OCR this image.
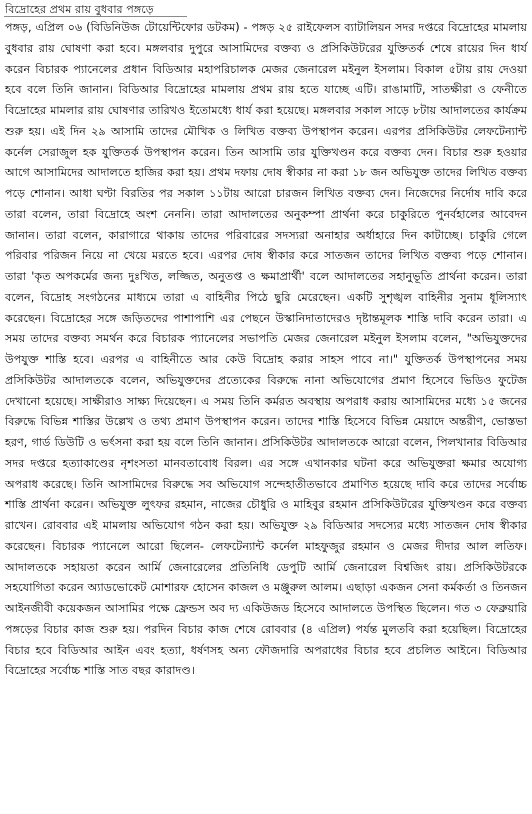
বিদ্রোহের প্রথম রায় বুধবার পঙ্গড়ে

পঙ্গড়, এপ্রিল ০৬ (বিডিনিউজ টোয়েন্টিফোর ডটকম) - পঙ্গড় ২৫ রাইফেলস ব্যাটালিয়ন সদর দপ্তরে বিদ্রোহের মামলায় বুধবার রায় ঘোষণা করা হবে। মঙ্গলবার দুপুরে আসামিদের বক্তব্য ও প্রসিকিউটরের যুক্তিতর্ক শেষে রায়ের দিন ধার্য করেন বিচারক প্যানেলের প্রধান বিডিআর মহাপরিচালক মেজর জেনারেল মইনুল ইসলাম। বিকাল ৫টায় রায় দেওয়া হবে বলে তিনি জানান। বিডিআর বিদ্রোহের মামলায় প্রথম রায় হতে যাচ্ছে এটি। রাঙামাটি, সাতক্ষীরা ও ফেনীতে বিদ্রোহের মামলার রায় ঘোষণার তারিখও ইতোমধ্যে ধার্য করা হয়েছে। মঙ্গলবার সকাল সাড়ে ৮টায় আদালতের কার্যক্রম শুরু হয়। এই দিন ২৯ আসামি তাদের মৌখিক ও লিখিত বক্তব্য উপস্থাপন করেন। এরপর প্রসিকিউটর লেফটেন্যান্ট কর্নেল সেরাজুল হক যুক্তিতর্ক উপস্থাপন করেন। তিন আসামি তার যুক্তিখণ্ডন করে বক্তব্য দেন। বিচার শুরু হওয়ার আগে আসামিদের আদালতে হাজির করা হয়। প্রথম দফায় দোষ স্বীকার না করা ১৮ জন অভিযুক্ত তাদের লিখিত বক্তব্য পড়ে শোনান। আধা ঘণ্টা বিরতির পর সকাল ১১টায় আরো চারজন লিখিত বক্তব্য দেন। নিজেদের নির্দোষ দাবি করে তারা বলেন, তারা বিদ্রোহে অংশ নেননি। তারা আদালতের অনুকম্পা প্রার্থনা করে চাকুরিতে পুনর্বহালের আবেদন জানান। তারা বলেন, কারাগারে থাকায় তাদের পরিবারের সদস্যরা অনাহার অর্ধাহারে দিন কাটাচ্ছে। চাকুরি গেলে পরিবার পরিজন নিয়ে না খেয়ে মরতে হবে। এরপর দোষ স্বীকার করে সাতজন তাদের লিখিত বক্তব্য পড়ে শোনান। তারা 'কৃত অপকর্মের জন্য দুঃখিত, লজ্জিত, অনুতপ্ত ও ক্ষমাপ্রার্থী' বলে আদালতের সহানুভূতি প্রার্থনা করেন। তারা বলেন, বিদ্রোহ সংগঠনের মাধ্যমে তারা এ বাহিনীর পিঠে ছুরি মেরেছেন। একটি সুশৃঙ্খল বাহিনীর সুনাম ধূলিস্যাৎ করেছেন। বিদ্রোহের সঙ্গে জড়িতদের পাশাপাশি এর পেছনে উস্কানিদাতাদেরও দৃষ্টান্তমূলক শাস্তি দাবি করেন তারা। এ সময় তাদের বক্তব্য সমর্থন করে বিচারক প্যানেলের সভাপতি মেজর জেনারেল মইনুল ইসলাম বলেন, "অভিযুক্তদের উপযুক্ত শাস্তি হবে। এরপর এ বাহিনীতে আর কেউ বিদ্রোহ করার সাহস পাবে না।" যুক্তিতর্ক উপস্থাপনের সময় প্রসিকিউটর আদালতকে বলেন, অভিযুক্তদের প্রত্যেকের বিরুদ্ধে নানা অভিযোগের প্রমাণ হিসেবে ভিডিও ফুটেজ দেখানো হয়েছে। সাক্ষীরাও সাক্ষ্য দিয়েছেন। এ সময় তিনি কর্মরত অবস্থায় অপরাধ করায় আসামিদের মধ্যে ১৫ জনের বিরুদ্ধে বিভিন্ন শাস্তির উল্লেখ ও তথ্য প্রমাণ উপস্থাপন করেন। তাদের শাস্তি হিসেবে বিভিন্ন মেয়াদে অন্তরীণ, ভোস্তভা হরণ, গার্ড ডিউটি ও ভর্ৎসনা করা হয় বলে তিনি জানান। প্রসিকিউটর আদালতকে আরো বলেন, পিলখানার বিডিআর সদর দপ্তরে হত্যাকাণ্ডের নৃশংসতা মানবতাবোধ বিরল। এর সঙ্গে এখানকার ঘটনা করে অভিযুক্তরা ক্ষমার অযোগ্য অপরাধ করেছে। তিনি আসামিদের বিরুদ্ধে সব অভিযোগ সন্দেহাতীতভাবে প্রমাণিত হয়েছে দাবি করে তাদের সর্বোচ্চ শাস্তি প্রার্থনা করেন। অভিযুক্ত লুৎফর রহমান, নাজের চৌধুরি ও মাহিবুর রহমান প্রসিকিউটরের যুক্তিখণ্ডন করে বক্তব্য রাখেন। রোববার এই মামলায় অভিযোগ গঠন করা হয়। অভিযুক্ত ২৯ বিডিআর সদস্যের মধ্যে সাতজন দোষ স্বীকার করেছেন। বিচারক প্যানেলে আরো ছিলেন- লেফটেন্যান্ট কর্নেল মাহফুজুর রহমান ও মেজর দীদার আল লতিফ। আদালতকে সহায়তা করেন আর্মি জেনারেলের প্রতিনিধি ডেপুটি আর্মি জেনারেল বিশ্বজিৎ রায়। প্রসিকিউটরকে সহযোগিতা করেন অ্যাডভোকেট মোশারফ হোসেন কাজল ও মঞ্জুরুল আলম। এছাড়া একজন সেনা কর্মকর্তা ও তিনজন আইনজীবী কয়েকজন আসামির পক্ষে ফ্রেন্ডস অব দ্য একিউজড হিসেবে আদালতে উপস্থিত ছিলেন। গত ৩ ফেব্রুয়ারি পঙ্গড়ের বিচার কাজ শুরু হয়। পরদিন বিচার কাজ শেষে রোববার (৪ এপ্রিল) পর্যন্ত মুলতবি করা হয়েছিল। বিদ্রোহের বিচার হবে বিডিআর আইন এবং হত্যা, ধর্ষণসহ অন্য ফৌজদারি অপরাধের বিচার হবে প্রচলিত আইনে। বিডিআর বিদ্রোহের সর্বোচ্চ শাস্তি সাত বছর কারাদণ্ড।
